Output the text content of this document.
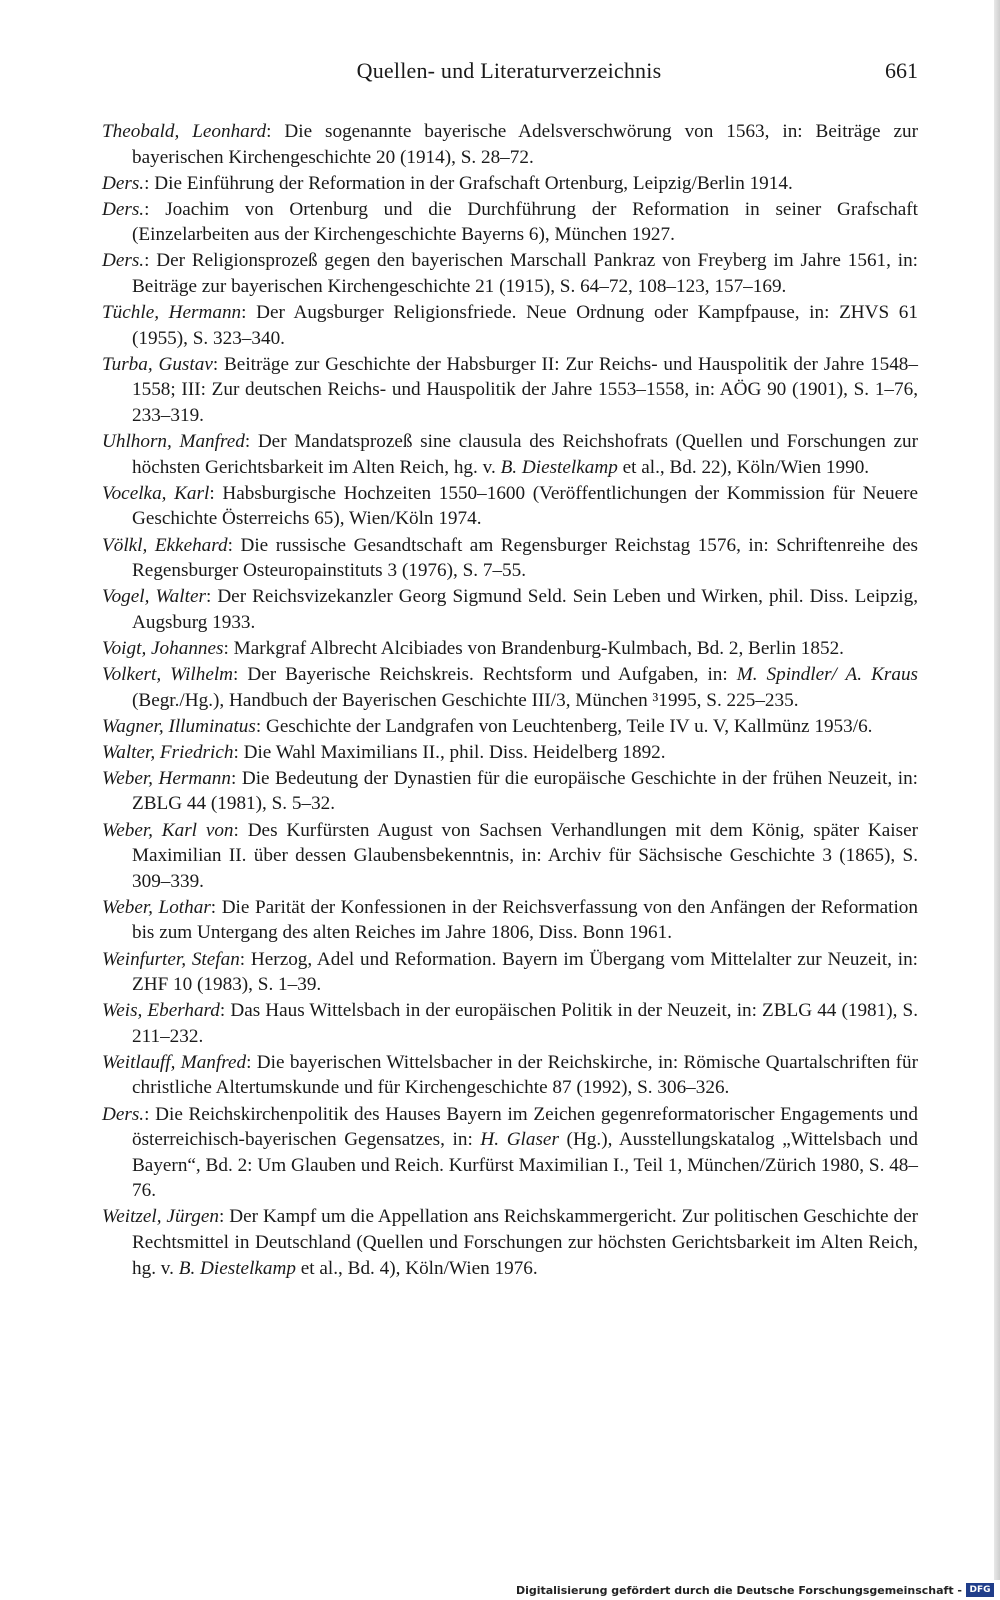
Quellen- und Literaturverzeichnis	661

Theobald, Leonhard: Die sogenannte bayerische Adelsverschwörung von 1563, in: Beiträge zur bayerischen Kirchengeschichte 20 (1914), S. 28–72.

Ders.: Die Einführung der Reformation in der Grafschaft Ortenburg, Leipzig/Berlin 1914.

Ders.: Joachim von Ortenburg und die Durchführung der Reformation in seiner Grafschaft (Einzelarbeiten aus der Kirchengeschichte Bayerns 6), München 1927.

Ders.: Der Religionsprozeß gegen den bayerischen Marschall Pankraz von Freyberg im Jahre 1561, in: Beiträge zur bayerischen Kirchengeschichte 21 (1915), S. 64–72, 108–123, 157–169.

Tüchle, Hermann: Der Augsburger Religionsfriede. Neue Ordnung oder Kampfpause, in: ZHVS 61 (1955), S. 323–340.

Turba, Gustav: Beiträge zur Geschichte der Habsburger II: Zur Reichs- und Hauspolitik der Jahre 1548–1558; III: Zur deutschen Reichs- und Hauspolitik der Jahre 1553–1558, in: AÖG 90 (1901), S. 1–76, 233–319.

Uhlhorn, Manfred: Der Mandatsprozeß sine clausula des Reichshofrats (Quellen und Forschungen zur höchsten Gerichtsbarkeit im Alten Reich, hg. v. B. Diestelkamp et al., Bd. 22), Köln/Wien 1990.

Vocelka, Karl: Habsburgische Hochzeiten 1550–1600 (Veröffentlichungen der Kommission für Neuere Geschichte Österreichs 65), Wien/Köln 1974.

Völkl, Ekkehard: Die russische Gesandtschaft am Regensburger Reichstag 1576, in: Schriftenreihe des Regensburger Osteuropainstituts 3 (1976), S. 7–55.

Vogel, Walter: Der Reichsvizekanzler Georg Sigmund Seld. Sein Leben und Wirken, phil. Diss. Leipzig, Augsburg 1933.

Voigt, Johannes: Markgraf Albrecht Alcibiades von Brandenburg-Kulmbach, Bd. 2, Berlin 1852.

Volkert, Wilhelm: Der Bayerische Reichskreis. Rechtsform und Aufgaben, in: M. Spindler/ A. Kraus (Begr./Hg.), Handbuch der Bayerischen Geschichte III/3, München ³1995, S. 225–235.

Wagner, Illuminatus: Geschichte der Landgrafen von Leuchtenberg, Teile IV u. V, Kallmünz 1953/6.

Walter, Friedrich: Die Wahl Maximilians II., phil. Diss. Heidelberg 1892.

Weber, Hermann: Die Bedeutung der Dynastien für die europäische Geschichte in der frühen Neuzeit, in: ZBLG 44 (1981), S. 5–32.

Weber, Karl von: Des Kurfürsten August von Sachsen Verhandlungen mit dem König, später Kaiser Maximilian II. über dessen Glaubensbekenntnis, in: Archiv für Sächsische Geschichte 3 (1865), S. 309–339.

Weber, Lothar: Die Parität der Konfessionen in der Reichsverfassung von den Anfängen der Reformation bis zum Untergang des alten Reiches im Jahre 1806, Diss. Bonn 1961.

Weinfurter, Stefan: Herzog, Adel und Reformation. Bayern im Übergang vom Mittelalter zur Neuzeit, in: ZHF 10 (1983), S. 1–39.

Weis, Eberhard: Das Haus Wittelsbach in der europäischen Politik in der Neuzeit, in: ZBLG 44 (1981), S. 211–232.

Weitlauff, Manfred: Die bayerischen Wittelsbacher in der Reichskirche, in: Römische Quartalschriften für christliche Altertumskunde und für Kirchengeschichte 87 (1992), S. 306–326.

Ders.: Die Reichskirchenpolitik des Hauses Bayern im Zeichen gegenreformatorischer Engagements und österreichisch-bayerischen Gegensatzes, in: H. Glaser (Hg.), Ausstellungskatalog „Wittelsbach und Bayern“, Bd. 2: Um Glauben und Reich. Kurfürst Maximilian I., Teil 1, München/Zürich 1980, S. 48–76.

Weitzel, Jürgen: Der Kampf um die Appellation ans Reichskammergericht. Zur politischen Geschichte der Rechtsmittel in Deutschland (Quellen und Forschungen zur höchsten Gerichtsbarkeit im Alten Reich, hg. v. B. Diestelkamp et al., Bd. 4), Köln/Wien 1976.

Digitalisierung gefördert durch die Deutsche Forschungsgemeinschaft - DFG
